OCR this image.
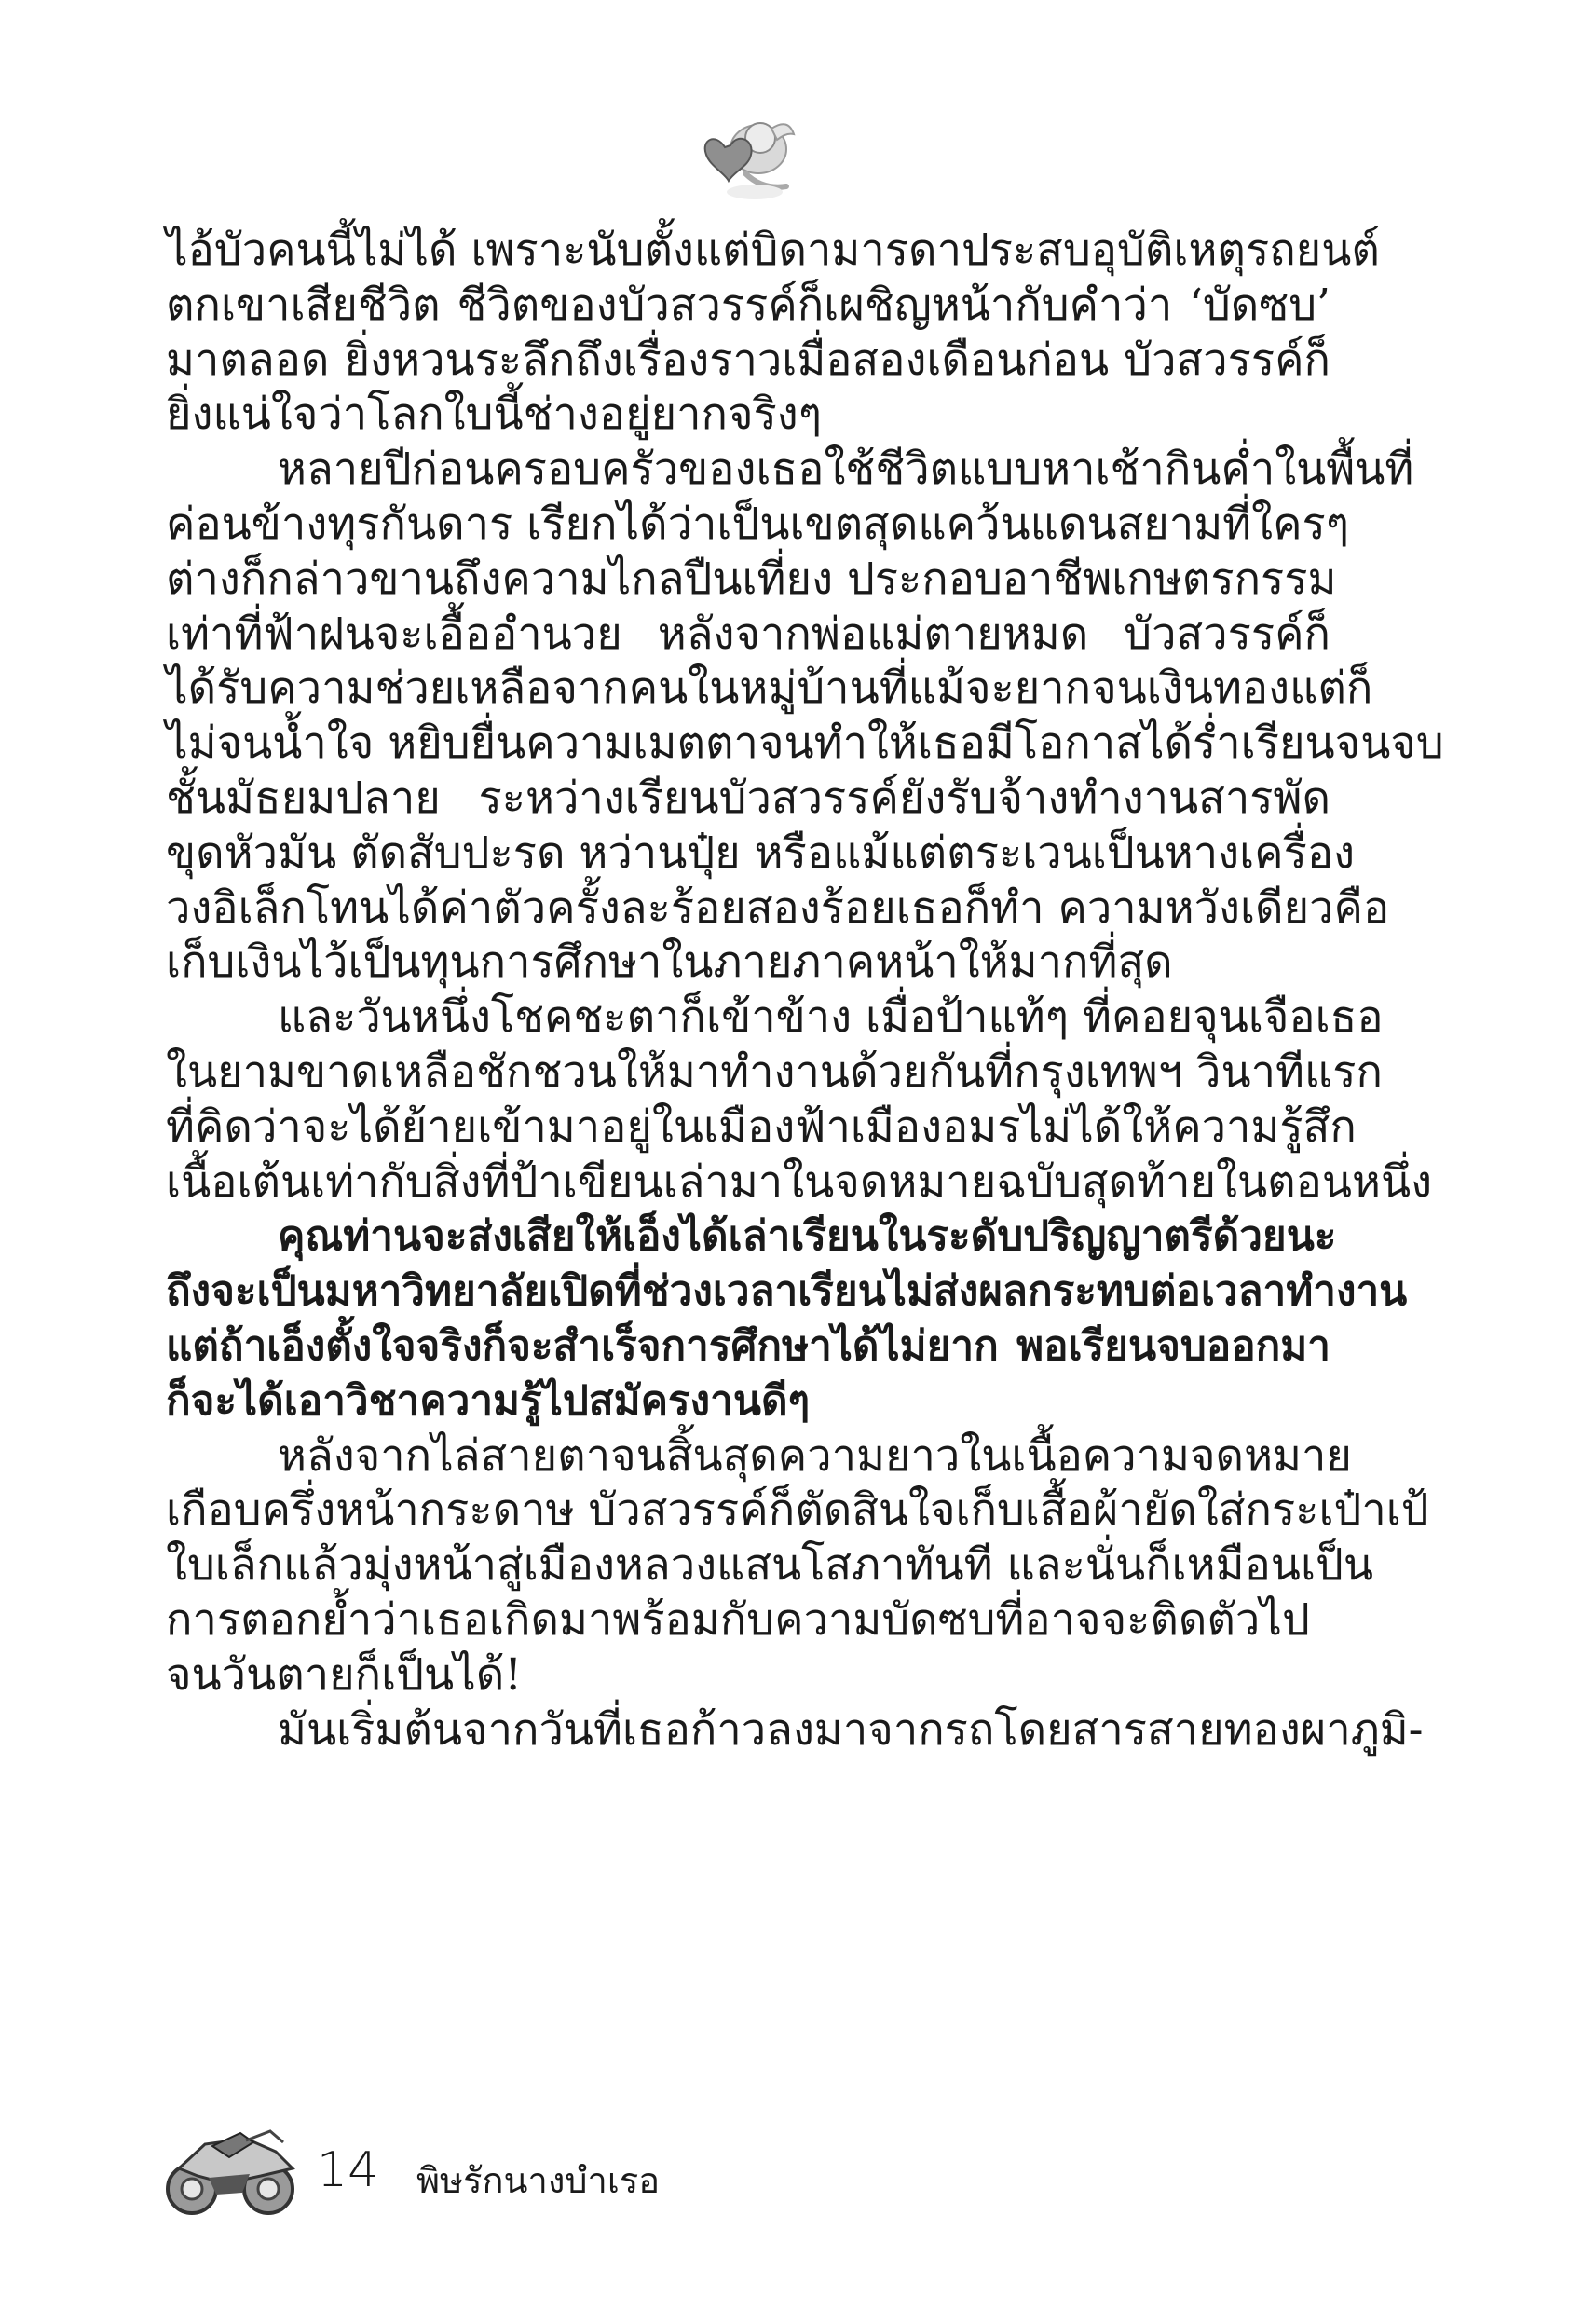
ไอ้บัวคนนี้ไม่ได้ เพราะนับตั้งแต่บิดามารดาประสบอุบัติเหตุรถยนต์
ตกเขาเสียชีวิต ชีวิตของบัวสวรรค์ก็เผชิญหน้ากับคำว่า ‘บัดซบ’
มาตลอด ยิ่งหวนระลึกถึงเรื่องราวเมื่อสองเดือนก่อน บัวสวรรค์ก็
ยิ่งแน่ใจว่าโลกใบนี้ช่างอยู่ยากจริงๆ
หลายปีก่อนครอบครัวของเธอใช้ชีวิตแบบหาเช้ากินค่ำในพื้นที่
ค่อนข้างทุรกันดาร เรียกได้ว่าเป็นเขตสุดแคว้นแดนสยามที่ใครๆ
ต่างก็กล่าวขานถึงความไกลปืนเที่ยง ประกอบอาชีพเกษตรกรรม
เท่าที่ฟ้าฝนจะเอื้ออำนวย หลังจากพ่อแม่ตายหมด บัวสวรรค์ก็
ได้รับความช่วยเหลือจากคนในหมู่บ้านที่แม้จะยากจนเงินทองแต่ก็
ไม่จนน้ำใจ หยิบยื่นความเมตตาจนทำให้เธอมีโอกาสได้ร่ำเรียนจนจบ
ชั้นมัธยมปลาย ระหว่างเรียนบัวสวรรค์ยังรับจ้างทำงานสารพัด
ขุดหัวมัน ตัดสับปะรด หว่านปุ๋ย หรือแม้แต่ตระเวนเป็นหางเครื่อง
วงอิเล็กโทนได้ค่าตัวครั้งละร้อยสองร้อยเธอก็ทำ ความหวังเดียวคือ
เก็บเงินไว้เป็นทุนการศึกษาในภายภาคหน้าให้มากที่สุด
และวันหนึ่งโชคชะตาก็เข้าข้าง เมื่อป้าแท้ๆ ที่คอยจุนเจือเธอ
ในยามขาดเหลือชักชวนให้มาทำงานด้วยกันที่กรุงเทพฯ วินาทีแรก
ที่คิดว่าจะได้ย้ายเข้ามาอยู่ในเมืองฟ้าเมืองอมรไม่ได้ให้ความรู้สึก
เนื้อเต้นเท่ากับสิ่งที่ป้าเขียนเล่ามาในจดหมายฉบับสุดท้ายในตอนหนึ่ง
คุณท่านจะส่งเสียให้เอ็งได้เล่าเรียนในระดับปริญญาตรีด้วยนะ
ถึงจะเป็นมหาวิทยาลัยเปิดที่ช่วงเวลาเรียนไม่ส่งผลกระทบต่อเวลาทำงาน
แต่ถ้าเอ็งตั้งใจจริงก็จะสำเร็จการศึกษาได้ไม่ยาก พอเรียนจบออกมา
ก็จะได้เอาวิชาความรู้ไปสมัครงานดีๆ
หลังจากไล่สายตาจนสิ้นสุดความยาวในเนื้อความจดหมาย
เกือบครึ่งหน้ากระดาษ บัวสวรรค์ก็ตัดสินใจเก็บเสื้อผ้ายัดใส่กระเป๋าเป้
ใบเล็กแล้วมุ่งหน้าสู่เมืองหลวงแสนโสภาทันที และนั่นก็เหมือนเป็น
การตอกย้ำว่าเธอเกิดมาพร้อมกับความบัดซบที่อาจจะติดตัวไป
จนวันตายก็เป็นได้!
มันเริ่มต้นจากวันที่เธอก้าวลงมาจากรถโดยสารสายทองผาภูมิ-
14 พิษรักนางบำเรอ
